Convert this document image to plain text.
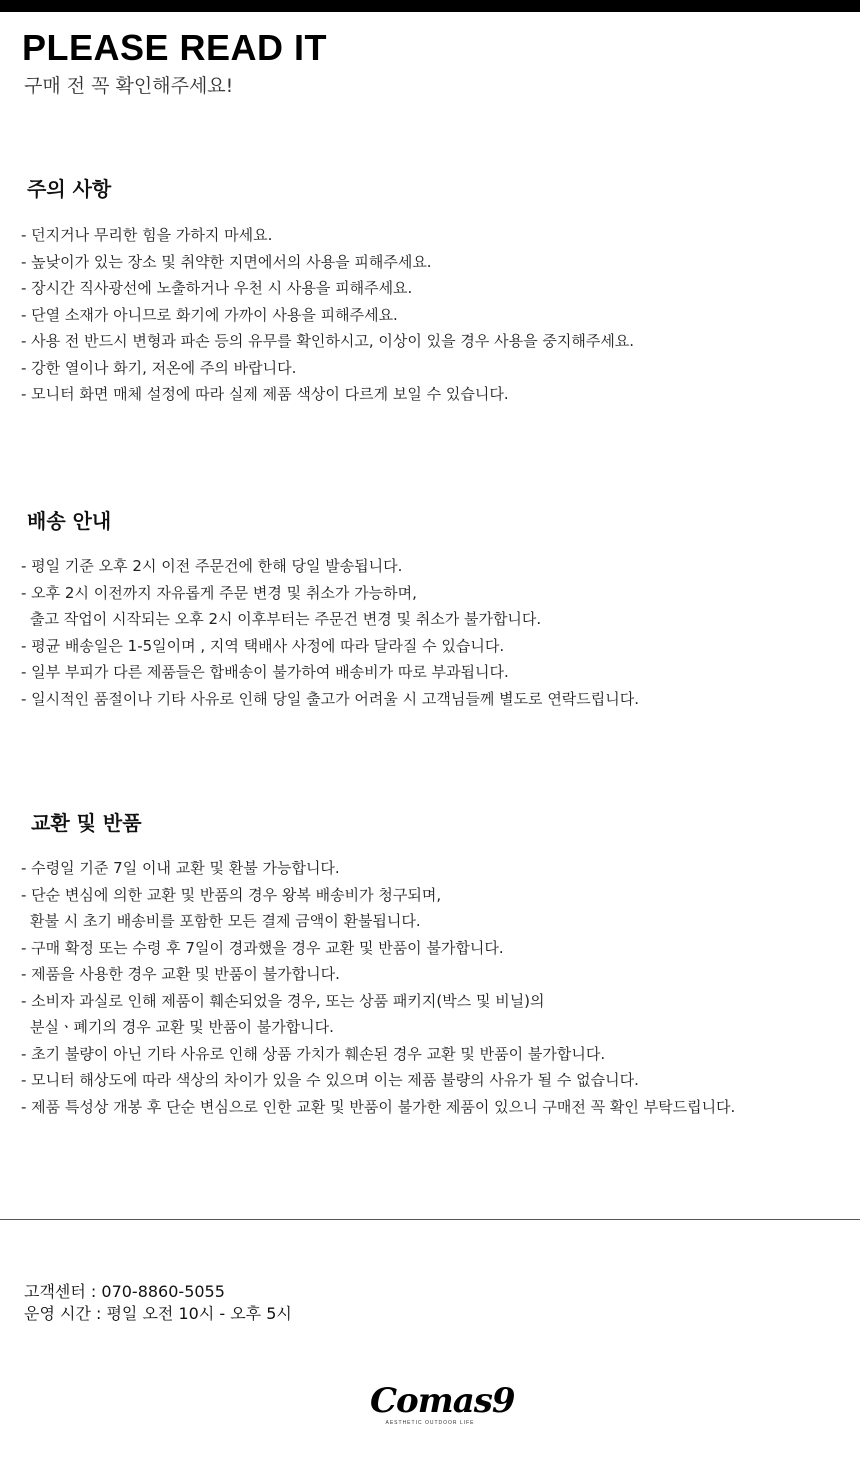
PLEASE READ IT
구매 전 꼭 확인해주세요!
주의 사항
- 던지거나 무리한 힘을 가하지 마세요.
- 높낮이가 있는 장소 및 취약한 지면에서의 사용을 피해주세요.
- 장시간 직사광선에 노출하거나 우천 시 사용을 피해주세요.
- 단열 소재가 아니므로 화기에 가까이 사용을 피해주세요.
- 사용 전 반드시 변형과 파손 등의 유무를 확인하시고, 이상이 있을 경우 사용을 중지해주세요.
- 강한 열이나 화기, 저온에 주의 바랍니다.
- 모니터 화면 매체 설정에 따라 실제 제품 색상이 다르게 보일 수 있습니다.
배송 안내
- 평일 기준 오후 2시 이전 주문건에 한해 당일 발송됩니다.
- 오후 2시 이전까지 자유롭게 주문 변경 및 취소가 가능하며,
출고 작업이 시작되는 오후 2시 이후부터는 주문건 변경 및 취소가 불가합니다.
- 평균 배송일은 1-5일이며 , 지역 택배사 사정에 따라 달라질 수 있습니다.
- 일부 부피가 다른 제품들은 합배송이 불가하여 배송비가 따로 부과됩니다.
- 일시적인 품절이나 기타 사유로 인해 당일 출고가 어려울 시 고객님들께 별도로 연락드립니다.
교환 및 반품
- 수령일 기준 7일 이내 교환 및 환불 가능합니다.
- 단순 변심에 의한 교환 및 반품의 경우 왕복 배송비가 청구되며,
환불 시 초기 배송비를 포함한 모든 결제 금액이 환불됩니다.
- 구매 확정 또는 수령 후 7일이 경과했을 경우 교환 및 반품이 불가합니다.
- 제품을 사용한 경우 교환 및 반품이 불가합니다.
- 소비자 과실로 인해 제품이 훼손되었을 경우, 또는 상품 패키지(박스 및 비닐)의
분실ㆍ폐기의 경우 교환 및 반품이 불가합니다.
- 초기 불량이 아닌 기타 사유로 인해 상품 가치가 훼손된 경우 교환 및 반품이 불가합니다.
- 모니터 해상도에 따라 색상의 차이가 있을 수 있으며 이는 제품 불량의 사유가 될 수 없습니다.
- 제품 특성상 개봉 후 단순 변심으로 인한 교환 및 반품이 불가한 제품이 있으니 구매전 꼭 확인 부탁드립니다.
고객센터 : 070-8860-5055
운영 시간 : 평일 오전 10시 - 오후 5시
Comas9
AESTHETIC OUTDOOR LIFE
